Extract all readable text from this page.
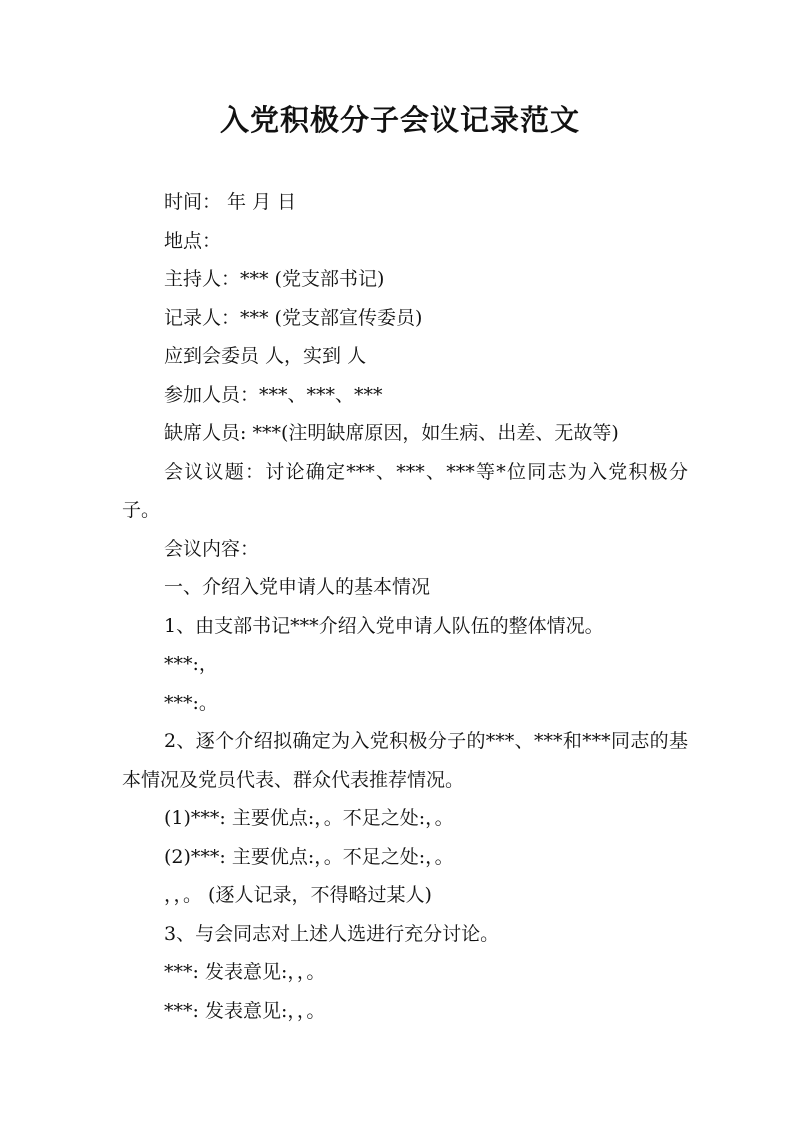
入党积极分子会议记录范文

时间： 年 月 日

地点：

主持人：*** (党支部书记)

记录人：*** (党支部宣传委员)

应到会委员 人，实到 人

参加人员：***、***、***

缺席人员: ***(注明缺席原因，如生病、出差、无故等)

会议议题：讨论确定***、***、***等*位同志为入党积极分子。

会议内容：

一、介绍入党申请人的基本情况

1、由支部书记***介绍入党申请人队伍的整体情况。

***:，

***:。

2、逐个介绍拟确定为入党积极分子的***、***和***同志的基本情况及党员代表、群众代表推荐情况。

(1)***: 主要优点:，。不足之处:，。

(2)***: 主要优点:，。不足之处:，。

，，。 (逐人记录，不得略过某人)

3、与会同志对上述人选进行充分讨论。

***: 发表意见:，，。

***: 发表意见:，，。
